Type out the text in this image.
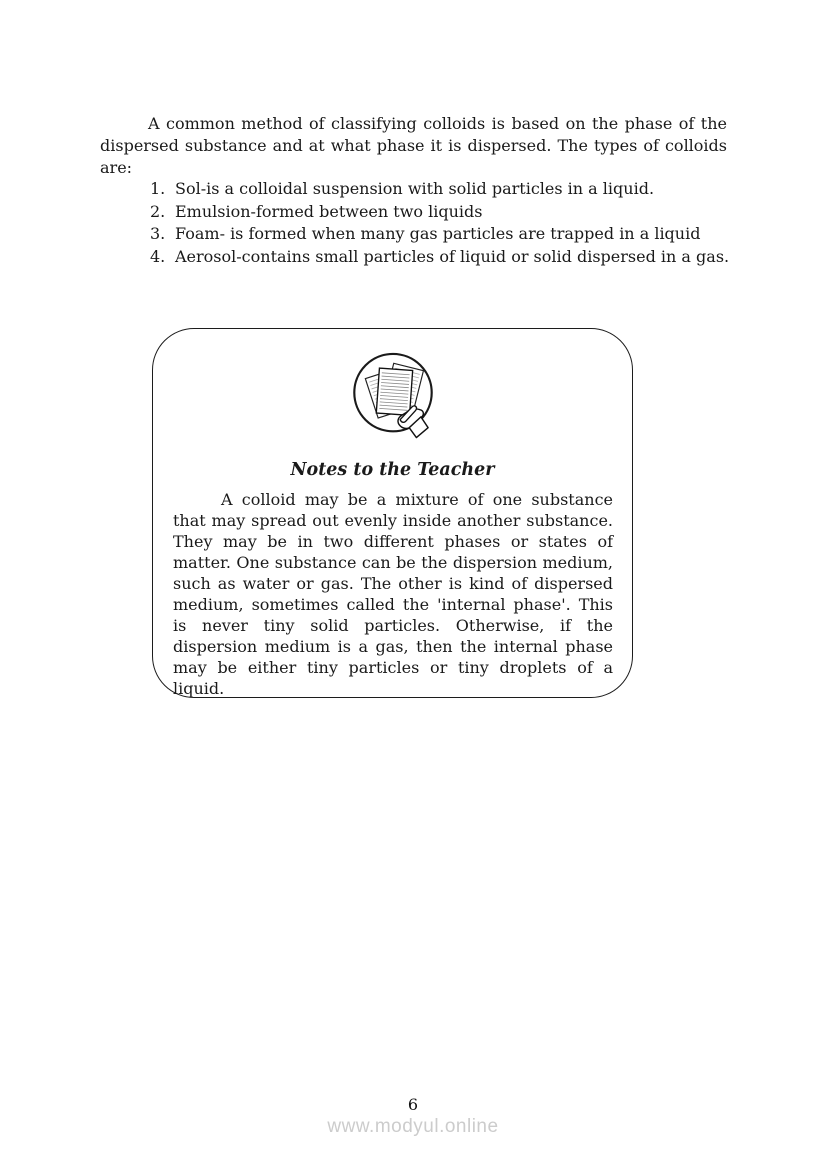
A common method of classifying colloids is based on the phase of the dispersed substance and at what phase it is dispersed. The types of colloids are:

1. Sol-is a colloidal suspension with solid particles in a liquid.
2. Emulsion-formed between two liquids
3. Foam- is formed when many gas particles are trapped in a liquid
4. Aerosol-contains small particles of liquid or solid dispersed in a gas.
Notes to the Teacher

A colloid may be a mixture of one substance that may spread out evenly inside another substance. They may be in two different phases or states of matter. One substance can be the dispersion medium, such as water or gas. The other is kind of dispersed medium, sometimes called the 'internal phase'. This is never tiny solid particles. Otherwise, if the dispersion medium is a gas, then the internal phase may be either tiny particles or tiny droplets of a liquid.

6
www.modyul.online
